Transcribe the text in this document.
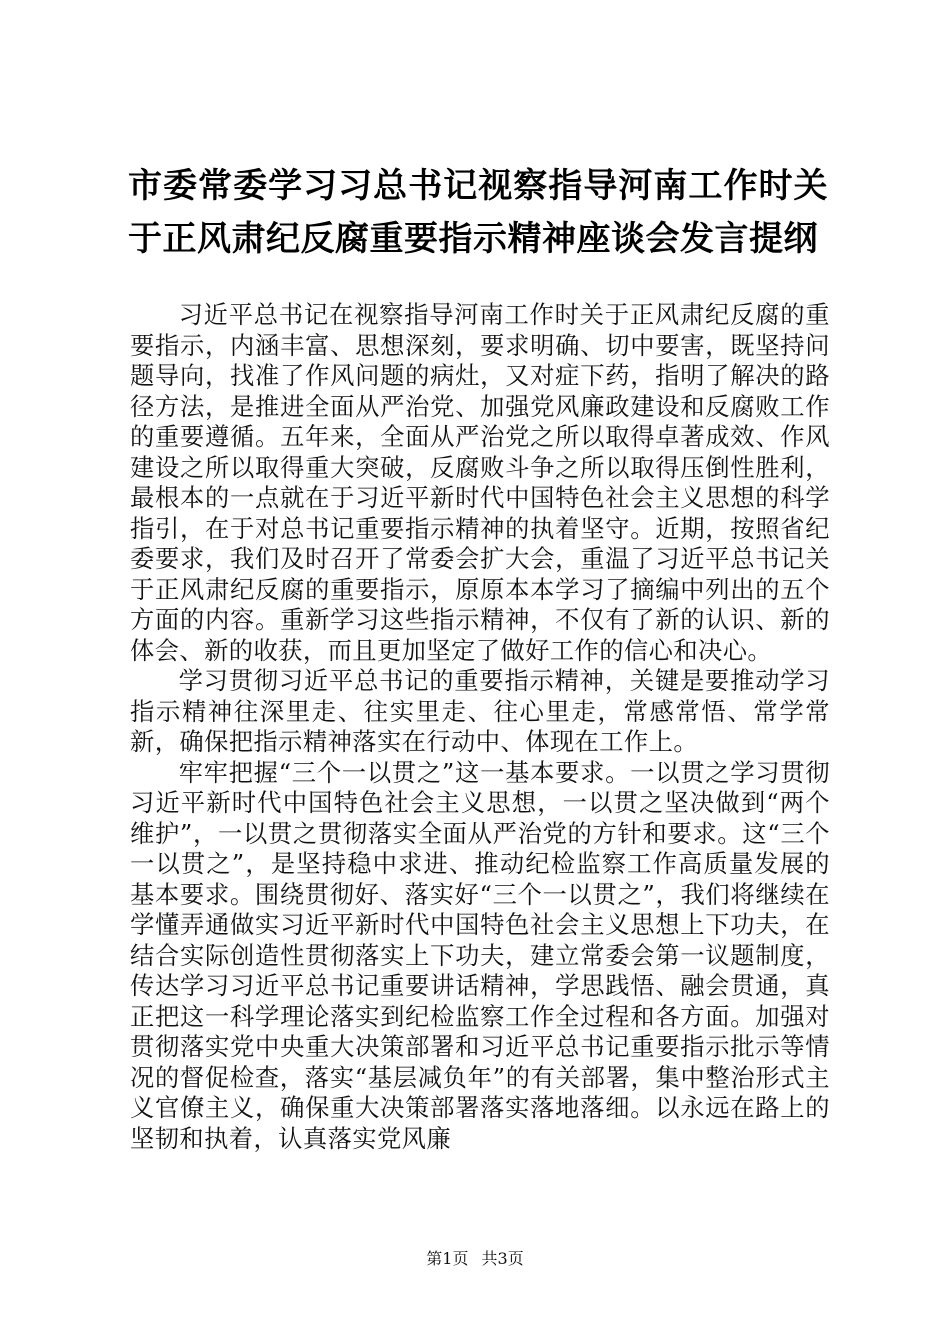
市委常委学习习总书记视察指导河南工作时关于正风肃纪反腐重要指示精神座谈会发言提纲

习近平总书记在视察指导河南工作时关于正风肃纪反腐的重要指示，内涵丰富、思想深刻，要求明确、切中要害，既坚持问题导向，找准了作风问题的病灶，又对症下药，指明了解决的路径方法，是推进全面从严治党、加强党风廉政建设和反腐败工作的重要遵循。五年来，全面从严治党之所以取得卓著成效、作风建设之所以取得重大突破，反腐败斗争之所以取得压倒性胜利，最根本的一点就在于习近平新时代中国特色社会主义思想的科学指引，在于对总书记重要指示精神的执着坚守。近期，按照省纪委要求，我们及时召开了常委会扩大会，重温了习近平总书记关于正风肃纪反腐的重要指示，原原本本学习了摘编中列出的五个方面的内容。重新学习这些指示精神，不仅有了新的认识、新的体会、新的收获，而且更加坚定了做好工作的信心和决心。

学习贯彻习近平总书记的重要指示精神，关键是要推动学习指示精神往深里走、往实里走、往心里走，常感常悟、常学常新，确保把指示精神落实在行动中、体现在工作上。

牢牢把握“三个一以贯之”这一基本要求。一以贯之学习贯彻习近平新时代中国特色社会主义思想，一以贯之坚决做到“两个维护”，一以贯之贯彻落实全面从严治党的方针和要求。这“三个一以贯之”，是坚持稳中求进、推动纪检监察工作高质量发展的基本要求。围绕贯彻好、落实好“三个一以贯之”，我们将继续在学懂弄通做实习近平新时代中国特色社会主义思想上下功夫，在结合实际创造性贯彻落实上下功夫，建立常委会第一议题制度，传达学习习近平总书记重要讲话精神，学思践悟、融会贯通，真正把这一科学理论落实到纪检监察工作全过程和各方面。加强对贯彻落实党中央重大决策部署和习近平总书记重要指示批示等情况的督促检查，落实“基层减负年”的有关部署，集中整治形式主义官僚主义，确保重大决策部署落实落地落细。以永远在路上的坚韧和执着，认真落实党风廉

第1页 共3页
